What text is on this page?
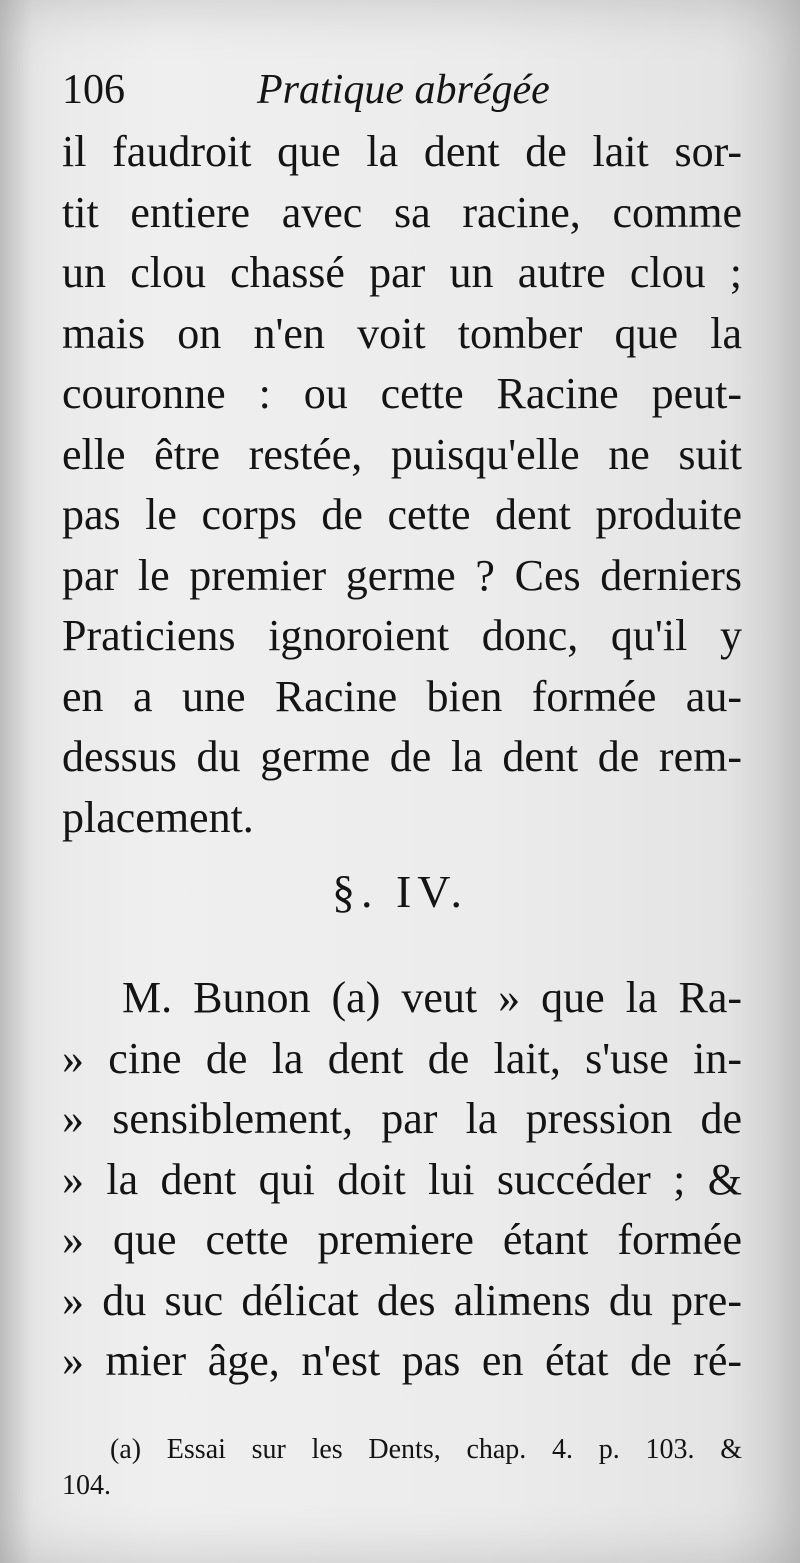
106	Pratique abrégée
il faudroit que la dent de lait sor-
tit entiere avec sa racine, comme
un clou chassé par un autre clou ;
mais on n'en voit tomber que la
couronne : ou cette Racine peut-
elle être restée, puisqu'elle ne suit
pas le corps de cette dent produite
par le premier germe ? Ces derniers
Praticiens ignoroient donc, qu'il y
en a une Racine bien formée au-
dessus du germe de la dent de rem-
placement.
§. IV.
M. Bunon (a) veut » que la Ra-
» cine de la dent de lait, s'use in-
» sensiblement, par la pression de
» la dent qui doit lui succéder ; &
» que cette premiere étant formée
» du suc délicat des alimens du pre-
» mier âge, n'est pas en état de ré-
(a) Essai sur les Dents, chap. 4. p. 103. &
104.
